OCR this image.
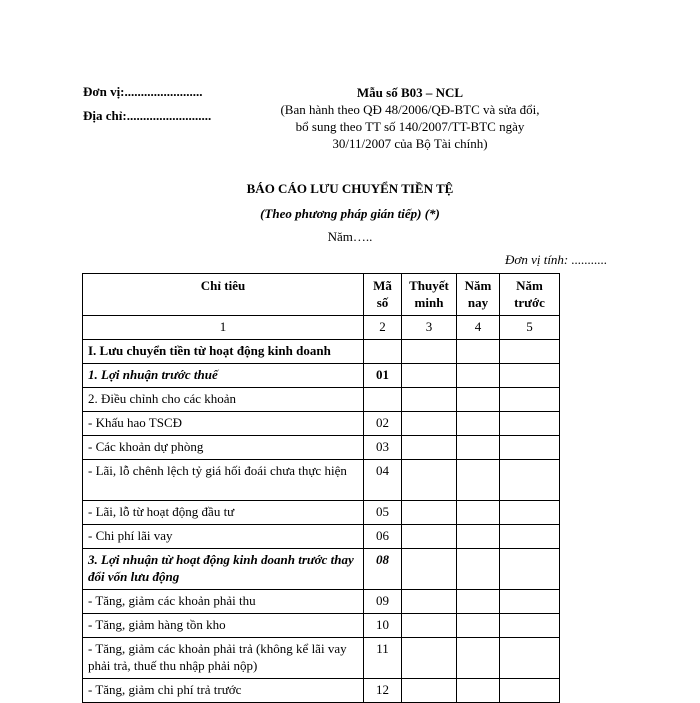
Đơn vị:........................
Địa chỉ:..........................
Mẫu số B03 – NCL
(Ban hành theo QĐ 48/2006/QĐ-BTC và sửa đổi,
bổ sung theo TT số 140/2007/TT-BTC ngày
30/11/2007 của Bộ Tài chính)
BÁO CÁO LƯU CHUYỂN TIỀN TỆ
(Theo phương pháp gián tiếp) (*)
Năm…..
Đơn vị tính: ...........
Chỉ tiêu	Mã số	Thuyết minh	Năm nay	Năm trước
1	2	3	4	5
I. Lưu chuyển tiền từ hoạt động kinh doanh				
1. Lợi nhuận trước thuế	01			
2. Điều chỉnh cho các khoản				
- Khấu hao TSCĐ	02			
- Các khoản dự phòng	03			
- Lãi, lỗ chênh lệch tỷ giá hối đoái chưa thực hiện	04			
- Lãi, lỗ từ hoạt động đầu tư	05			
- Chi phí lãi vay	06			
3. Lợi nhuận từ hoạt động kinh doanh trước thay đổi vốn lưu động	08			
- Tăng, giảm các khoản phải thu	09			
- Tăng, giảm hàng tồn kho	10			
- Tăng, giảm các khoản phải trả (không kể lãi vay phải trả, thuế thu nhập phải nộp)	11			
- Tăng, giảm chi phí trả trước	12			
